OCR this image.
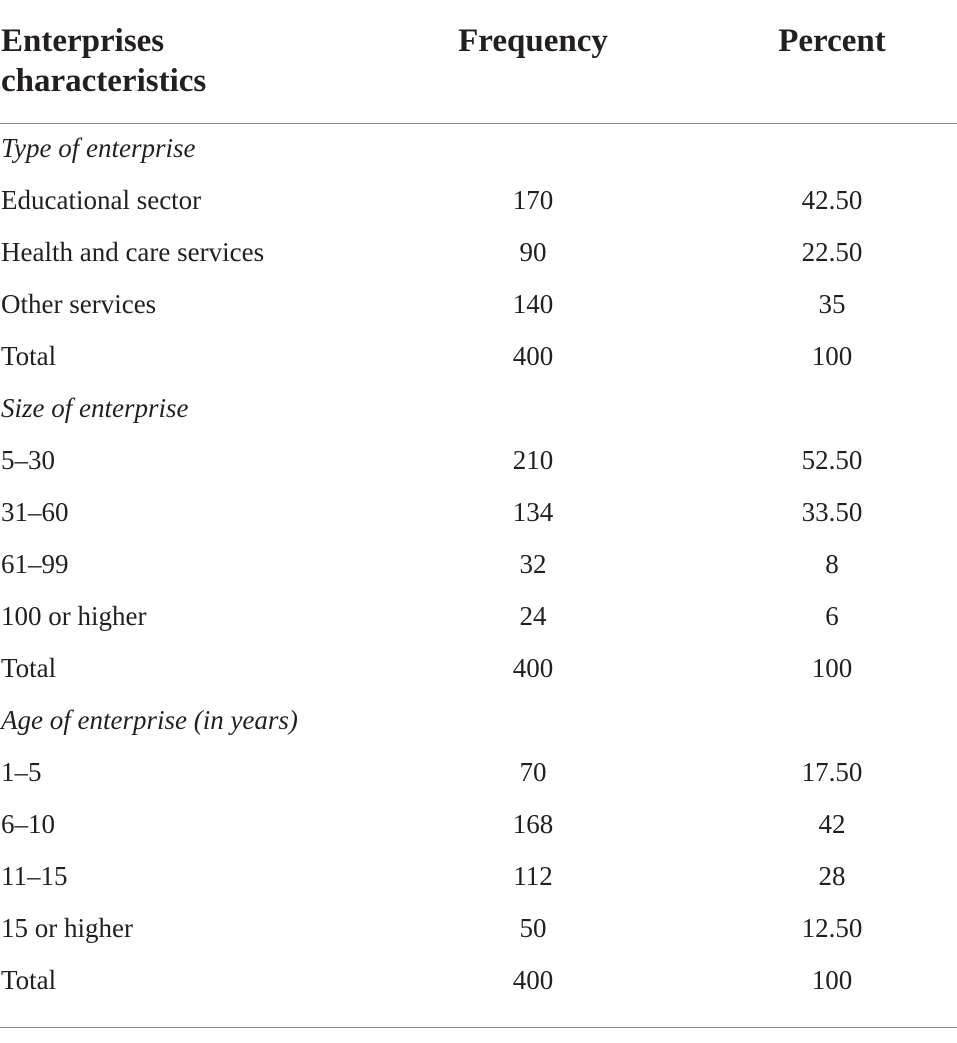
Enterprises
characteristics
Frequency	Percent
Type of enterprise
Educational sector	170	42.50
Health and care services	90	22.50
Other services	140	35
Total	400	100
Size of enterprise
5–30	210	52.50
31–60	134	33.50
61–99	32	8
100 or higher	24	6
Total	400	100
Age of enterprise (in years)
1–5	70	17.50
6–10	168	42
11–15	112	28
15 or higher	50	12.50
Total	400	100
